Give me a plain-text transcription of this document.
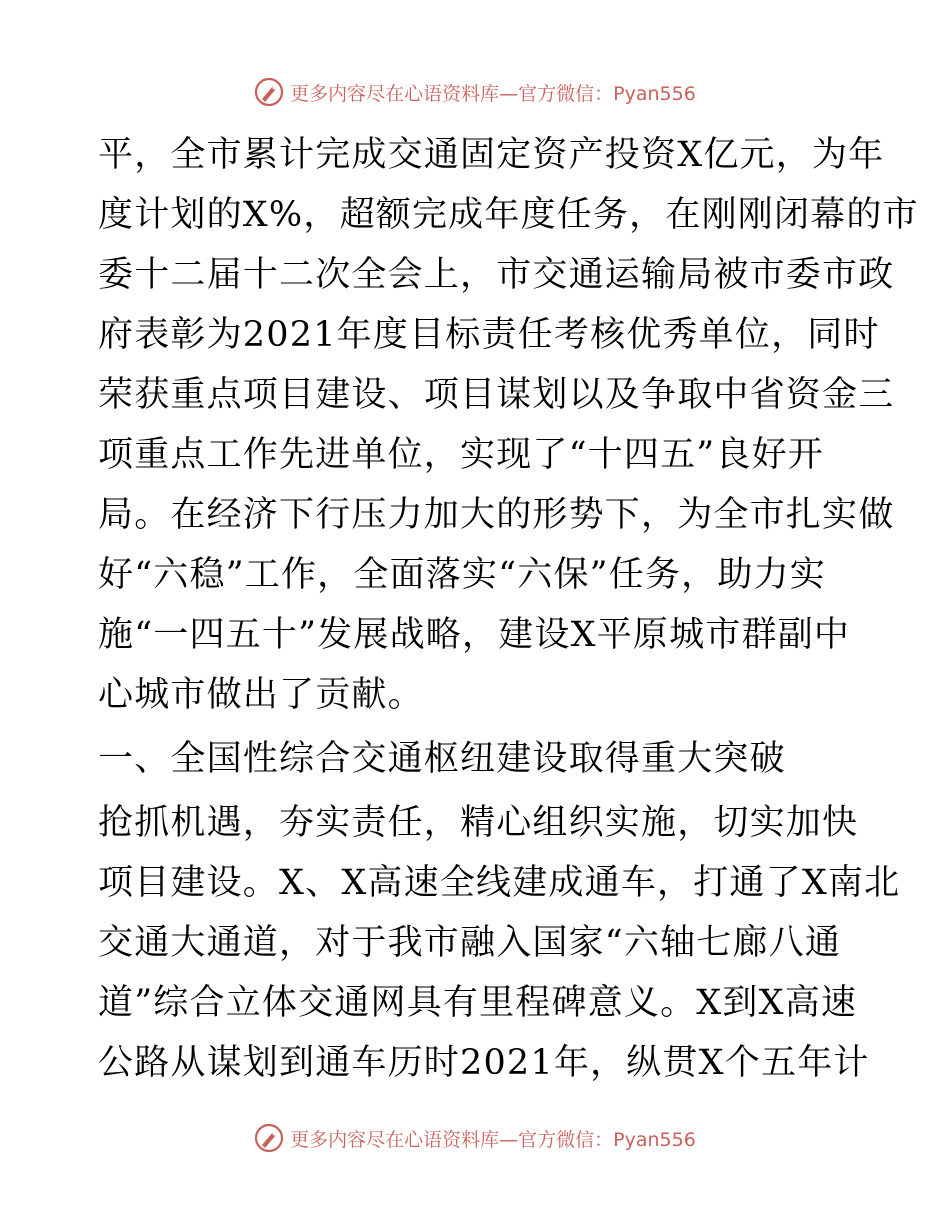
更多内容尽在心语资料库—官方微信：Pyan556
平，全市累计完成交通固定资产投资X亿元，为年
度计划的X%，超额完成年度任务，在刚刚闭幕的市
委十二届十二次全会上，市交通运输局被市委市政
府表彰为2021年度目标责任考核优秀单位，同时
荣获重点项目建设、项目谋划以及争取中省资金三
项重点工作先进单位，实现了“十四五”良好开
局。在经济下行压力加大的形势下，为全市扎实做
好“六稳”工作，全面落实“六保”任务，助力实
施“一四五十”发展战略，建设X平原城市群副中
心城市做出了贡献。
一、全国性综合交通枢纽建设取得重大突破
抢抓机遇，夯实责任，精心组织实施，切实加快
项目建设。X、X高速全线建成通车，打通了X南北
交通大通道，对于我市融入国家“六轴七廊八通
道”综合立体交通网具有里程碑意义。X到X高速
公路从谋划到通车历时2021年，纵贯X个五年计
更多内容尽在心语资料库—官方微信：Pyan556
